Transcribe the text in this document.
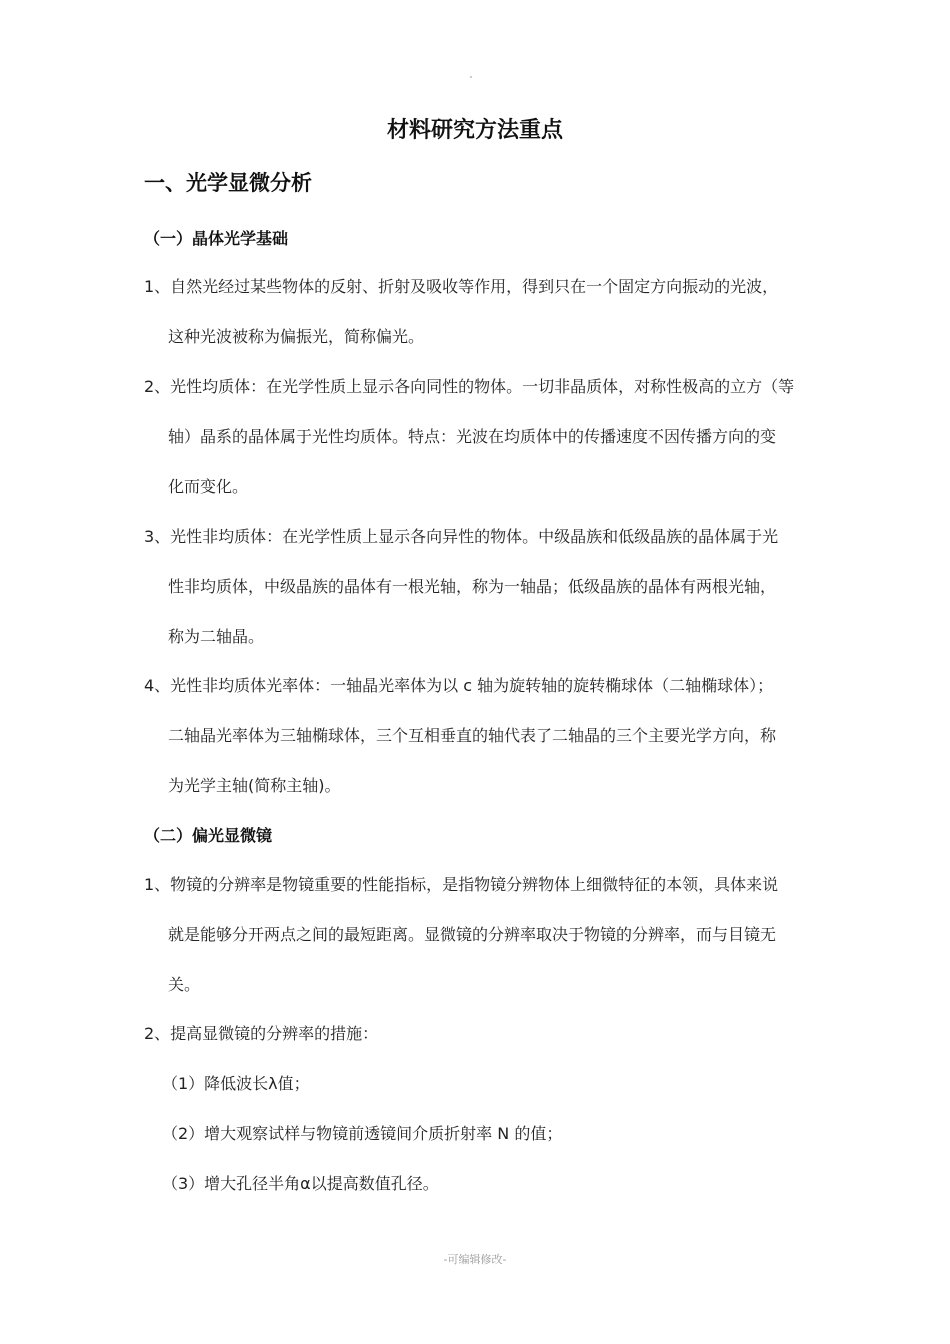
材料研究方法重点
一、光学显微分析
（一）晶体光学基础
1、自然光经过某些物体的反射、折射及吸收等作用，得到只在一个固定方向振动的光波，
这种光波被称为偏振光，简称偏光。
2、光性均质体：在光学性质上显示各向同性的物体。一切非晶质体，对称性极高的立方（等
轴）晶系的晶体属于光性均质体。特点：光波在均质体中的传播速度不因传播方向的变
化而变化。
3、光性非均质体：在光学性质上显示各向异性的物体。中级晶族和低级晶族的晶体属于光
性非均质体，中级晶族的晶体有一根光轴，称为一轴晶；低级晶族的晶体有两根光轴，
称为二轴晶。
4、光性非均质体光率体：一轴晶光率体为以 c 轴为旋转轴的旋转椭球体（二轴椭球体）；
二轴晶光率体为三轴椭球体，三个互相垂直的轴代表了二轴晶的三个主要光学方向，称
为光学主轴(简称主轴)。
（二）偏光显微镜
1、物镜的分辨率是物镜重要的性能指标，是指物镜分辨物体上细微特征的本领，具体来说
就是能够分开两点之间的最短距离。显微镜的分辨率取决于物镜的分辨率，而与目镜无
关。
2、提高显微镜的分辨率的措施：
（1）降低波长λ值；
（2）增大观察试样与物镜前透镜间介质折射率 N 的值；
（3）增大孔径半角α以提高数值孔径。
-可编辑修改-
